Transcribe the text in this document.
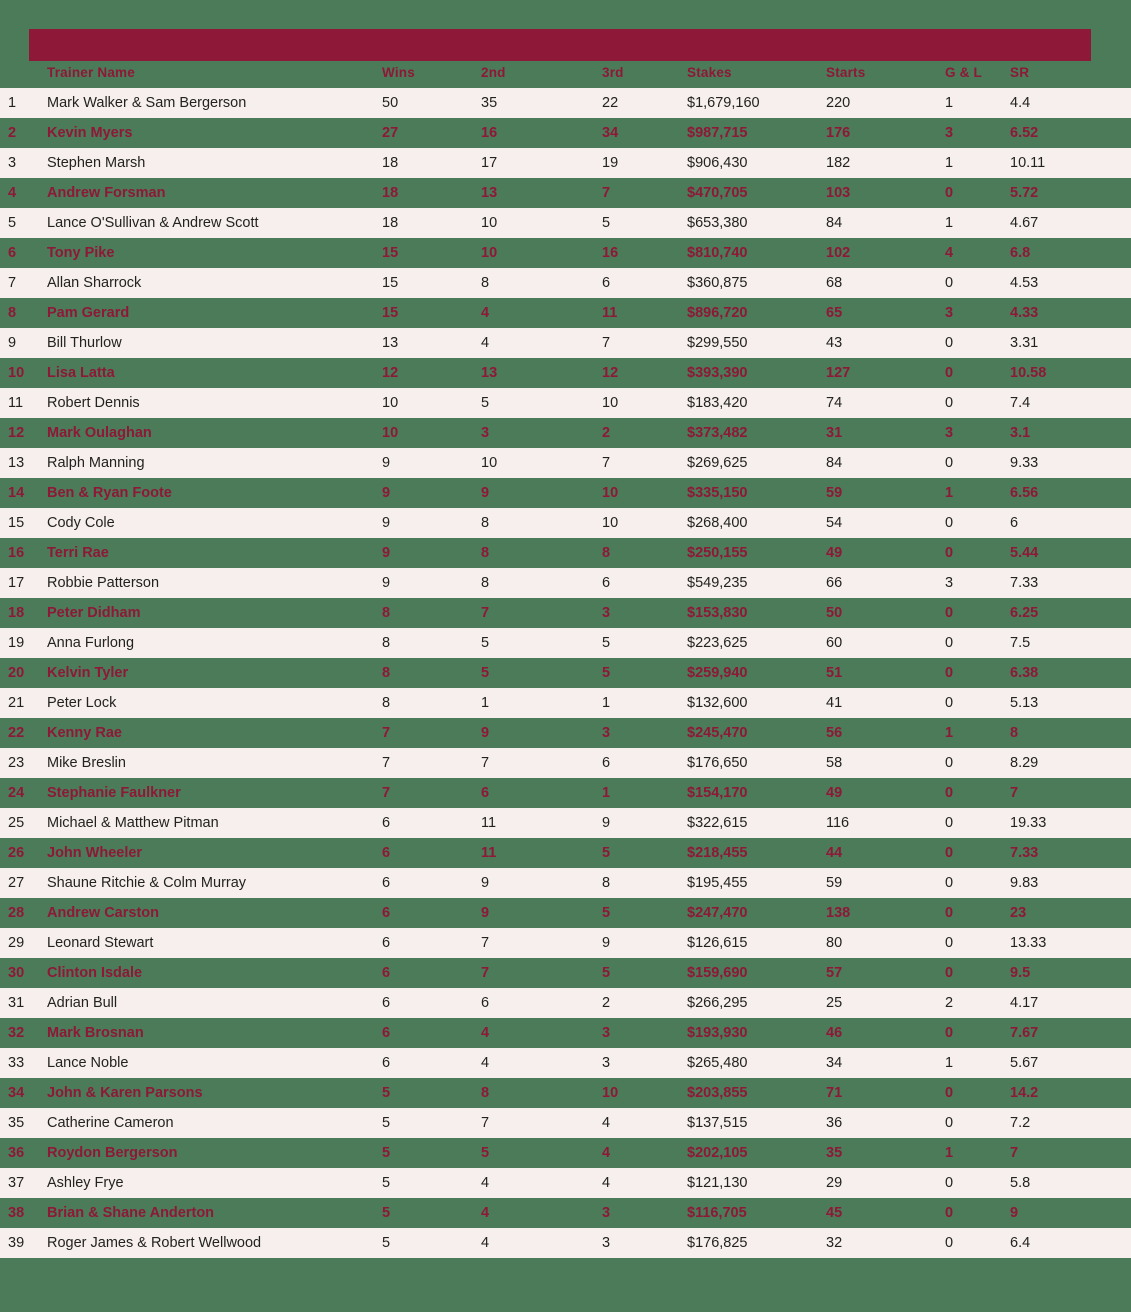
	Trainer Name	Wins	2nd	3rd	Stakes	Starts	G & L	SR	
1	Mark Walker & Sam Bergerson	50	35	22	$1,679,160	220	1	4.4	
2	Kevin Myers	27	16	34	$987,715	176	3	6.52	
3	Stephen Marsh	18	17	19	$906,430	182	1	10.11	
4	Andrew Forsman	18	13	7	$470,705	103	0	5.72	
5	Lance O'Sullivan & Andrew Scott	18	10	5	$653,380	84	1	4.67	
6	Tony Pike	15	10	16	$810,740	102	4	6.8	
7	Allan Sharrock	15	8	6	$360,875	68	0	4.53	
8	Pam Gerard	15	4	11	$896,720	65	3	4.33	
9	Bill Thurlow	13	4	7	$299,550	43	0	3.31	
10	Lisa Latta	12	13	12	$393,390	127	0	10.58	
11	Robert Dennis	10	5	10	$183,420	74	0	7.4	
12	Mark Oulaghan	10	3	2	$373,482	31	3	3.1	
13	Ralph Manning	9	10	7	$269,625	84	0	9.33	
14	Ben & Ryan Foote	9	9	10	$335,150	59	1	6.56	
15	Cody Cole	9	8	10	$268,400	54	0	6	
16	Terri Rae	9	8	8	$250,155	49	0	5.44	
17	Robbie Patterson	9	8	6	$549,235	66	3	7.33	
18	Peter Didham	8	7	3	$153,830	50	0	6.25	
19	Anna Furlong	8	5	5	$223,625	60	0	7.5	
20	Kelvin Tyler	8	5	5	$259,940	51	0	6.38	
21	Peter Lock	8	1	1	$132,600	41	0	5.13	
22	Kenny Rae	7	9	3	$245,470	56	1	8	
23	Mike Breslin	7	7	6	$176,650	58	0	8.29	
24	Stephanie Faulkner	7	6	1	$154,170	49	0	7	
25	Michael & Matthew Pitman	6	11	9	$322,615	116	0	19.33	
26	John Wheeler	6	11	5	$218,455	44	0	7.33	
27	Shaune Ritchie & Colm Murray	6	9	8	$195,455	59	0	9.83	
28	Andrew Carston	6	9	5	$247,470	138	0	23	
29	Leonard Stewart	6	7	9	$126,615	80	0	13.33	
30	Clinton Isdale	6	7	5	$159,690	57	0	9.5	
31	Adrian Bull	6	6	2	$266,295	25	2	4.17	
32	Mark Brosnan	6	4	3	$193,930	46	0	7.67	
33	Lance Noble	6	4	3	$265,480	34	1	5.67	
34	John & Karen Parsons	5	8	10	$203,855	71	0	14.2	
35	Catherine Cameron	5	7	4	$137,515	36	0	7.2	
36	Roydon Bergerson	5	5	4	$202,105	35	1	7	
37	Ashley Frye	5	4	4	$121,130	29	0	5.8	
38	Brian & Shane Anderton	5	4	3	$116,705	45	0	9	
39	Roger James & Robert Wellwood	5	4	3	$176,825	32	0	6.4	
